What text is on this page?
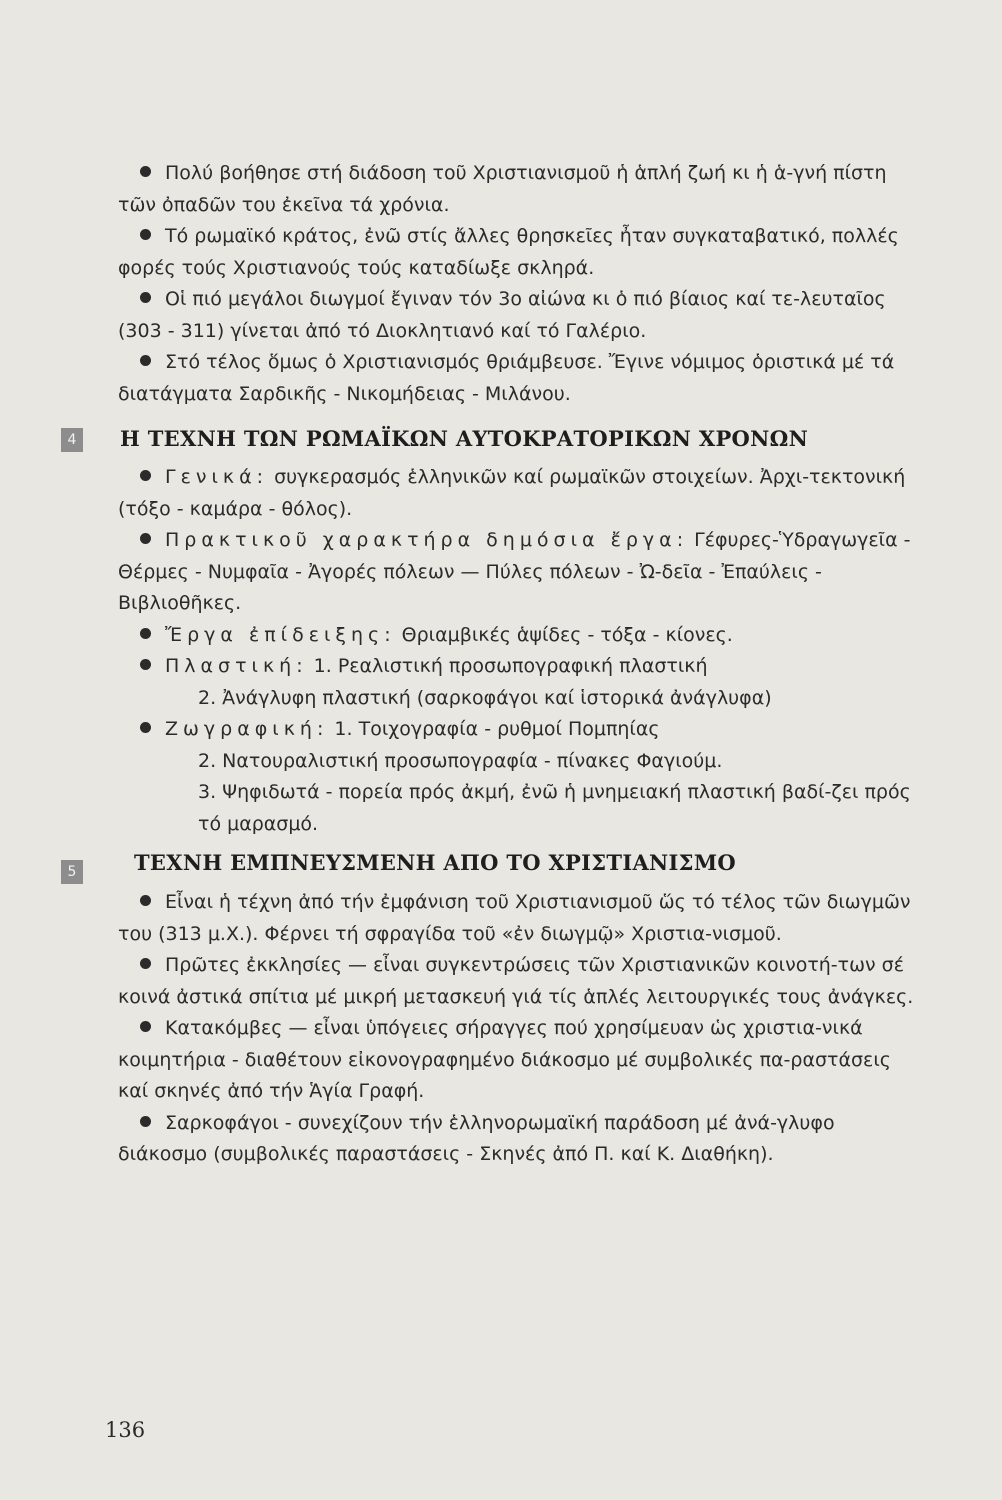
Πολύ βοήθησε στή διάδοση τοῦ Χριστιανισμοῦ ἡ ἁπλή ζωή κι ἡ ἁ-γνή πίστη τῶν ὀπαδῶν του ἐκεῖνα τά χρόνια.

Τό ρωμαϊκό κράτος, ἐνῶ στίς ἄλλες θρησκεῖες ἦταν συγκαταβατικό, πολλές φορές τούς Χριστιανούς τούς καταδίωξε σκληρά.

Οἱ πιό μεγάλοι διωγμοί ἔγιναν τόν 3ο αἰώνα κι ὁ πιό βίαιος καί τε-λευταῖος (303 - 311) γίνεται ἀπό τό Διοκλητιανό καί τό Γαλέριο.

Στό τέλος ὅμως ὁ Χριστιανισμός θριάμβευσε. Ἔγινε νόμιμος ὁριστικά μέ τά διατάγματα Σαρδικῆς - Νικομήδειας - Μιλάνου.

4	Η ΤΕΧΝΗ ΤΩΝ ΡΩΜΑΪΚΩΝ ΑΥΤΟΚΡΑΤΟΡΙΚΩΝ ΧΡΟΝΩΝ

Γενικά: συγκερασμός ἑλληνικῶν καί ρωμαϊκῶν στοιχείων. Ἀρχι-τεκτονική (τόξο - καμάρα - θόλος).

Πρακτικοῦ χαρακτήρα δημόσια ἔργα: Γέφυρες-Ὑδραγωγεῖα - Θέρμες - Νυμφαῖα - Ἀγορές πόλεων — Πύλες πόλεων - Ὠ-δεῖα - Ἐπαύλεις - Βιβλιοθῆκες.

Ἔργα ἐπίδειξης: Θριαμβικές ἁψίδες - τόξα - κίονες.

Πλαστική: 1. Ρεαλιστική προσωπογραφική πλαστική

2. Ἀνάγλυφη πλαστική (σαρκοφάγοι καί ἱστορικά ἀνάγλυφα)

Ζωγραφική: 1. Τοιχογραφία - ρυθμοί Πομπηίας

2. Νατουραλιστική προσωπογραφία - πίνακες Φαγιούμ.

3. Ψηφιδωτά - πορεία πρός ἀκμή, ἐνῶ ἡ μνημειακή πλαστική βαδί-ζει πρός τό μαρασμό.

5	ΤΕΧΝΗ ΕΜΠΝΕΥΣΜΕΝΗ ΑΠΟ ΤΟ ΧΡΙΣΤΙΑΝΙΣΜΟ

Εἶναι ἡ τέχνη ἀπό τήν ἐμφάνιση τοῦ Χριστιανισμοῦ ὥς τό τέλος τῶν διωγμῶν του (313 μ.Χ.). Φέρνει τή σφραγίδα τοῦ «ἐν διωγμῷ» Χριστια-νισμοῦ.

Πρῶτες ἐκκλησίες — εἶναι συγκεντρώσεις τῶν Χριστιανικῶν κοινοτή-των σέ κοινά ἀστικά σπίτια μέ μικρή μετασκευή γιά τίς ἁπλές λειτουργικές τους ἀνάγκες.

Κατακόμβες — εἶναι ὑπόγειες σήραγγες πού χρησίμευαν ὡς χριστια-νικά κοιμητήρια - διαθέτουν εἰκονογραφημένο διάκοσμο μέ συμβολικές πα-ραστάσεις καί σκηνές ἀπό τήν Ἁγία Γραφή.

Σαρκοφάγοι - συνεχίζουν τήν ἑλληνορωμαϊκή παράδοση μέ ἀνά-γλυφο διάκοσμο (συμβολικές παραστάσεις - Σκηνές ἀπό Π. καί Κ. Διαθήκη).

136
